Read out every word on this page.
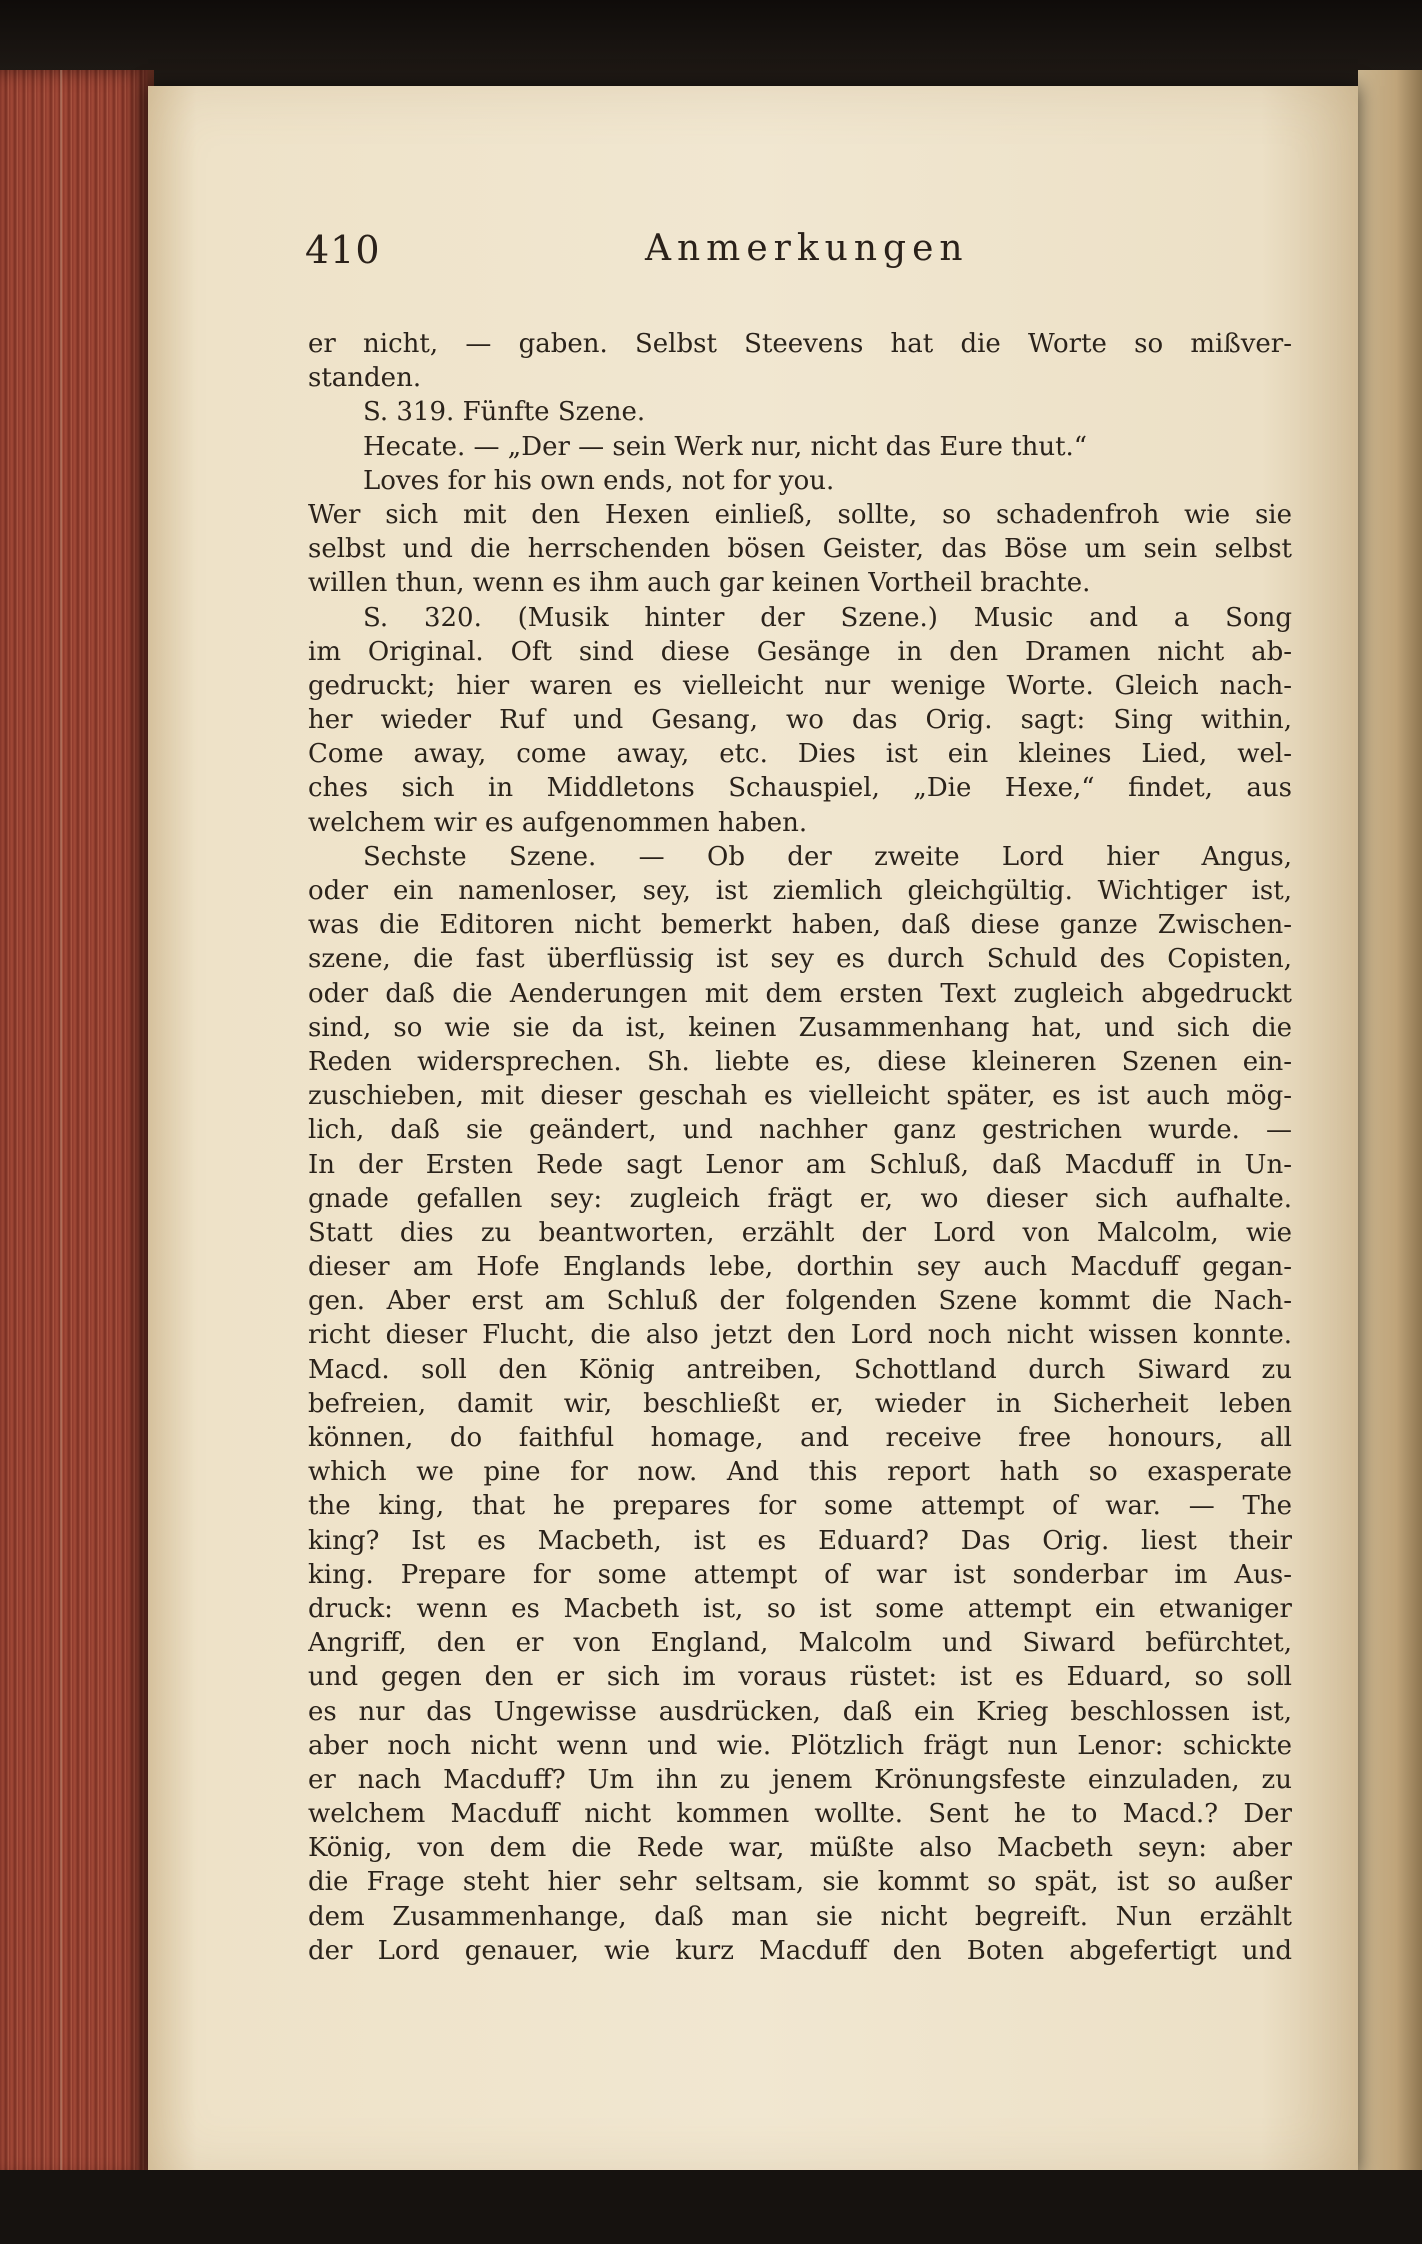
410	Anmerkungen
er nicht, — gaben. Selbst Steevens hat die Worte so mißver-
standen.
S. 319. Fünfte Szene.
Hecate. — „Der — sein Werk nur, nicht das Eure thut.“
Loves for his own ends, not for you.
Wer sich mit den Hexen einließ, sollte, so schadenfroh wie sie
selbst und die herrschenden bösen Geister, das Böse um sein selbst
willen thun, wenn es ihm auch gar keinen Vortheil brachte.
S. 320. (Musik hinter der Szene.) Music and a Song
im Original. Oft sind diese Gesänge in den Dramen nicht ab-
gedruckt; hier waren es vielleicht nur wenige Worte. Gleich nach-
her wieder Ruf und Gesang, wo das Orig. sagt: Sing within,
Come away, come away, etc. Dies ist ein kleines Lied, wel-
ches sich in Middletons Schauspiel, „Die Hexe,“ findet, aus
welchem wir es aufgenommen haben.
Sechste Szene. — Ob der zweite Lord hier Angus,
oder ein namenloser, sey, ist ziemlich gleichgültig. Wichtiger ist,
was die Editoren nicht bemerkt haben, daß diese ganze Zwischen-
szene, die fast überflüssig ist sey es durch Schuld des Copisten,
oder daß die Aenderungen mit dem ersten Text zugleich abgedruckt
sind, so wie sie da ist, keinen Zusammenhang hat, und sich die
Reden widersprechen. Sh. liebte es, diese kleineren Szenen ein-
zuschieben, mit dieser geschah es vielleicht später, es ist auch mög-
lich, daß sie geändert, und nachher ganz gestrichen wurde. —
In der Ersten Rede sagt Lenor am Schluß, daß Macduff in Un-
gnade gefallen sey: zugleich frägt er, wo dieser sich aufhalte.
Statt dies zu beantworten, erzählt der Lord von Malcolm, wie
dieser am Hofe Englands lebe, dorthin sey auch Macduff gegan-
gen. Aber erst am Schluß der folgenden Szene kommt die Nach-
richt dieser Flucht, die also jetzt den Lord noch nicht wissen konnte.
Macd. soll den König antreiben, Schottland durch Siward zu
befreien, damit wir, beschließt er, wieder in Sicherheit leben
können, do faithful homage, and receive free honours, all
which we pine for now. And this report hath so exasperate
the king, that he prepares for some attempt of war. — The
king? Ist es Macbeth, ist es Eduard? Das Orig. liest their
king. Prepare for some attempt of war ist sonderbar im Aus-
druck: wenn es Macbeth ist, so ist some attempt ein etwaniger
Angriff, den er von England, Malcolm und Siward befürchtet,
und gegen den er sich im voraus rüstet: ist es Eduard, so soll
es nur das Ungewisse ausdrücken, daß ein Krieg beschlossen ist,
aber noch nicht wenn und wie. Plötzlich frägt nun Lenor: schickte
er nach Macduff? Um ihn zu jenem Krönungsfeste einzuladen, zu
welchem Macduff nicht kommen wollte. Sent he to Macd.? Der
König, von dem die Rede war, müßte also Macbeth seyn: aber
die Frage steht hier sehr seltsam, sie kommt so spät, ist so außer
dem Zusammenhange, daß man sie nicht begreift. Nun erzählt
der Lord genauer, wie kurz Macduff den Boten abgefertigt und
